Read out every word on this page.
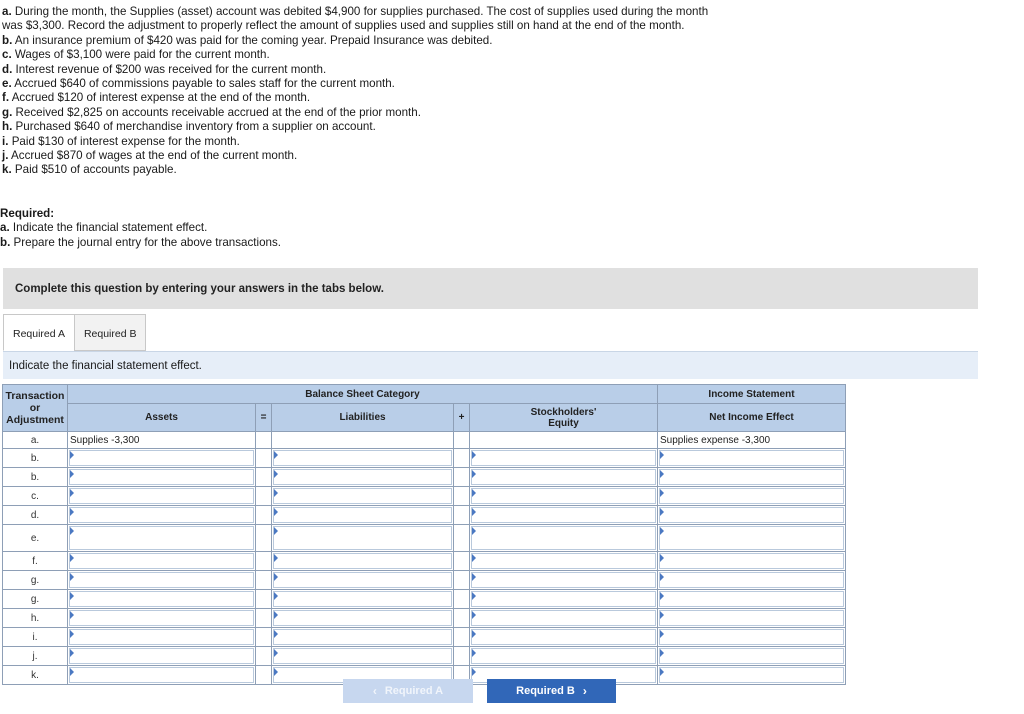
a. During the month, the Supplies (asset) account was debited $4,900 for supplies purchased. The cost of supplies used during the month was $3,300. Record the adjustment to properly reflect the amount of supplies used and supplies still on hand at the end of the month.
b. An insurance premium of $420 was paid for the coming year. Prepaid Insurance was debited.
c. Wages of $3,100 were paid for the current month.
d. Interest revenue of $200 was received for the current month.
e. Accrued $640 of commissions payable to sales staff for the current month.
f. Accrued $120 of interest expense at the end of the month.
g. Received $2,825 on accounts receivable accrued at the end of the prior month.
h. Purchased $640 of merchandise inventory from a supplier on account.
i. Paid $130 of interest expense for the month.
j. Accrued $870 of wages at the end of the current month.
k. Paid $510 of accounts payable.
Required:
a. Indicate the financial statement effect.
b. Prepare the journal entry for the above transactions.
Complete this question by entering your answers in the tabs below.
Required A	Required B
Indicate the financial statement effect.
Transaction
or
Adjustment	Balance Sheet Category					Income Statement
	Assets	=	Liabilities	+	Stockholders'
Equity	Net Income Effect
a.	Supplies -3,300					Supplies expense -3,300
b.	

b.	

c.	

d.	

e.	

f.	

g.	

g.	

h.	

i.	

j.	

k.	

‹ Required A	Required B ›
